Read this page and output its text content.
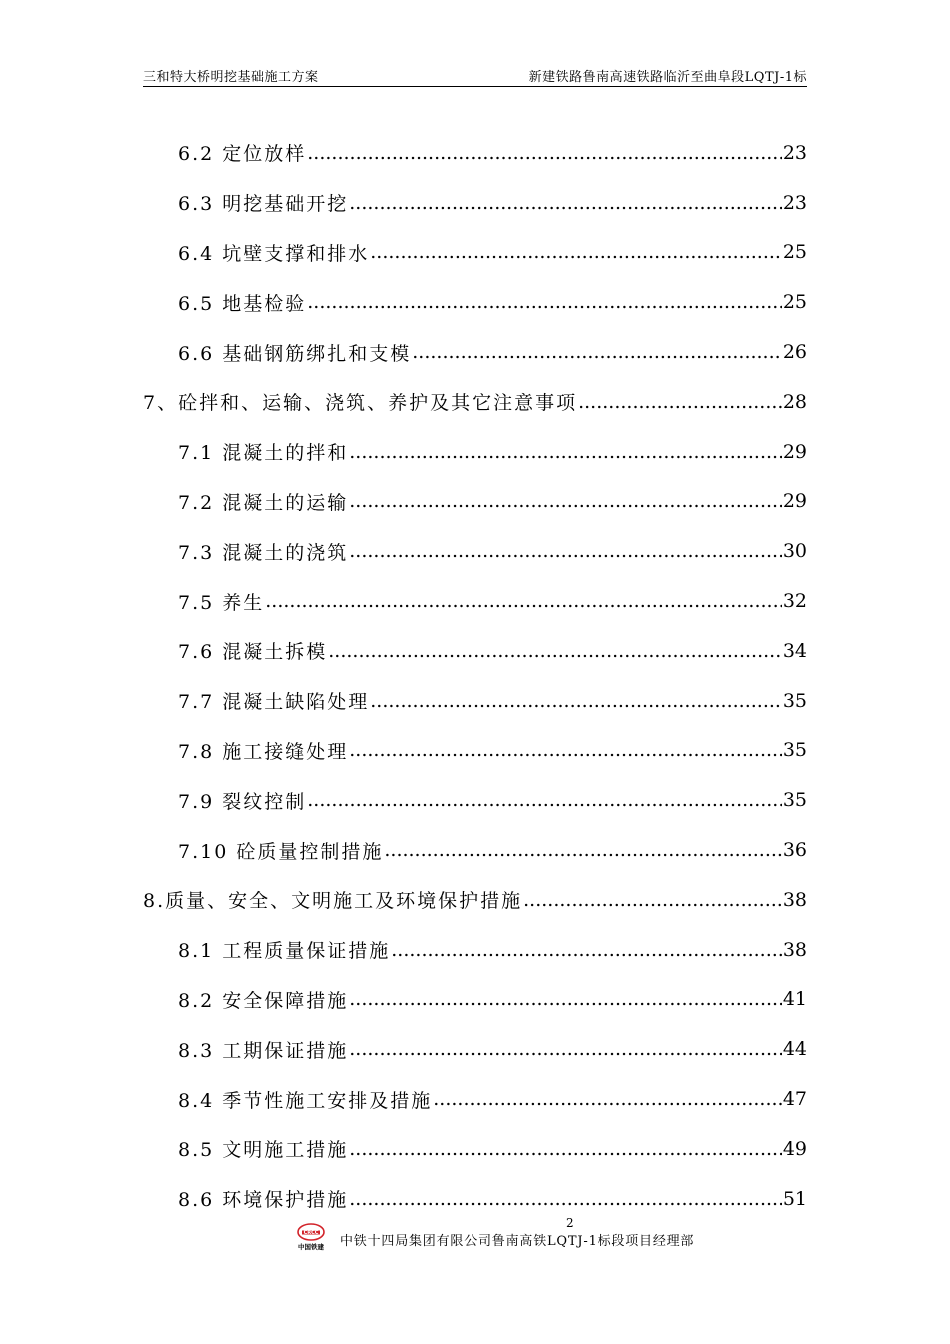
三和特大桥明挖基础施工方案	新建铁路鲁南高速铁路临沂至曲阜段LQTJ-1标
6.2 定位放样 .....	23
6.3 明挖基础开挖 .....	23
6.4 坑壁支撑和排水 .....	25
6.5 地基检验 .....	25
6.6 基础钢筋绑扎和支模 .....	26
7、砼拌和、运输、浇筑、养护及其它注意事项 .....	28
7.1 混凝土的拌和 .....	29
7.2 混凝土的运输 .....	29
7.3 混凝土的浇筑 .....	30
7.5 养生 .....	32
7.6 混凝土拆模 .....	34
7.7 混凝土缺陷处理 .....	35
7.8 施工接缝处理 .....	35
7.9 裂纹控制 .....	35
7.10 砼质量控制措施 .....	36
8.质量、安全、文明施工及环境保护措施 .....	38
8.1 工程质量保证措施 .....	38
8.2 安全保障措施 .....	41
8.3 工期保证措施 .....	44
8.4 季节性施工安排及措施 .....	47
8.5 文明施工措施 .....	49
8.6 环境保护措施 .....	51
2
CRCC
中国铁建 中铁十四局集团有限公司鲁南高铁LQTJ-1标段项目经理部
